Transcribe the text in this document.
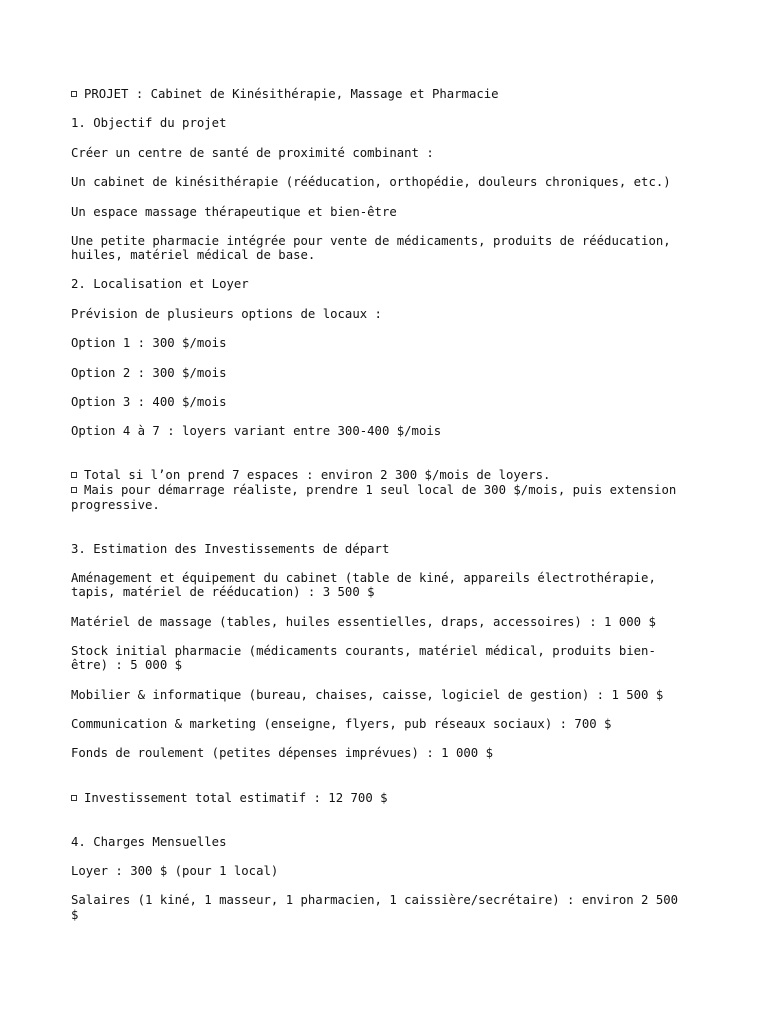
PROJET : Cabinet de Kinésithérapie, Massage et Pharmacie

1. Objectif du projet

Créer un centre de santé de proximité combinant :

Un cabinet de kinésithérapie (rééducation, orthopédie, douleurs chroniques, etc.)

Un espace massage thérapeutique et bien-être

Une petite pharmacie intégrée pour vente de médicaments, produits de rééducation,

huiles, matériel médical de base.

2. Localisation et Loyer

Prévision de plusieurs options de locaux :

Option 1 : 300 $/mois

Option 2 : 300 $/mois

Option 3 : 400 $/mois

Option 4 à 7 : loyers variant entre 300-400 $/mois

Total si l’on prend 7 espaces : environ 2 300 $/mois de loyers.

Mais pour démarrage réaliste, prendre 1 seul local de 300 $/mois, puis extension

progressive.

3. Estimation des Investissements de départ

Aménagement et équipement du cabinet (table de kiné, appareils électrothérapie,

tapis, matériel de rééducation) : 3 500 $

Matériel de massage (tables, huiles essentielles, draps, accessoires) : 1 000 $

Stock initial pharmacie (médicaments courants, matériel médical, produits bien-

être) : 5 000 $

Mobilier & informatique (bureau, chaises, caisse, logiciel de gestion) : 1 500 $

Communication & marketing (enseigne, flyers, pub réseaux sociaux) : 700 $

Fonds de roulement (petites dépenses imprévues) : 1 000 $

Investissement total estimatif : 12 700 $

4. Charges Mensuelles

Loyer : 300 $ (pour 1 local)

Salaires (1 kiné, 1 masseur, 1 pharmacien, 1 caissière/secrétaire) : environ 2 500

$
